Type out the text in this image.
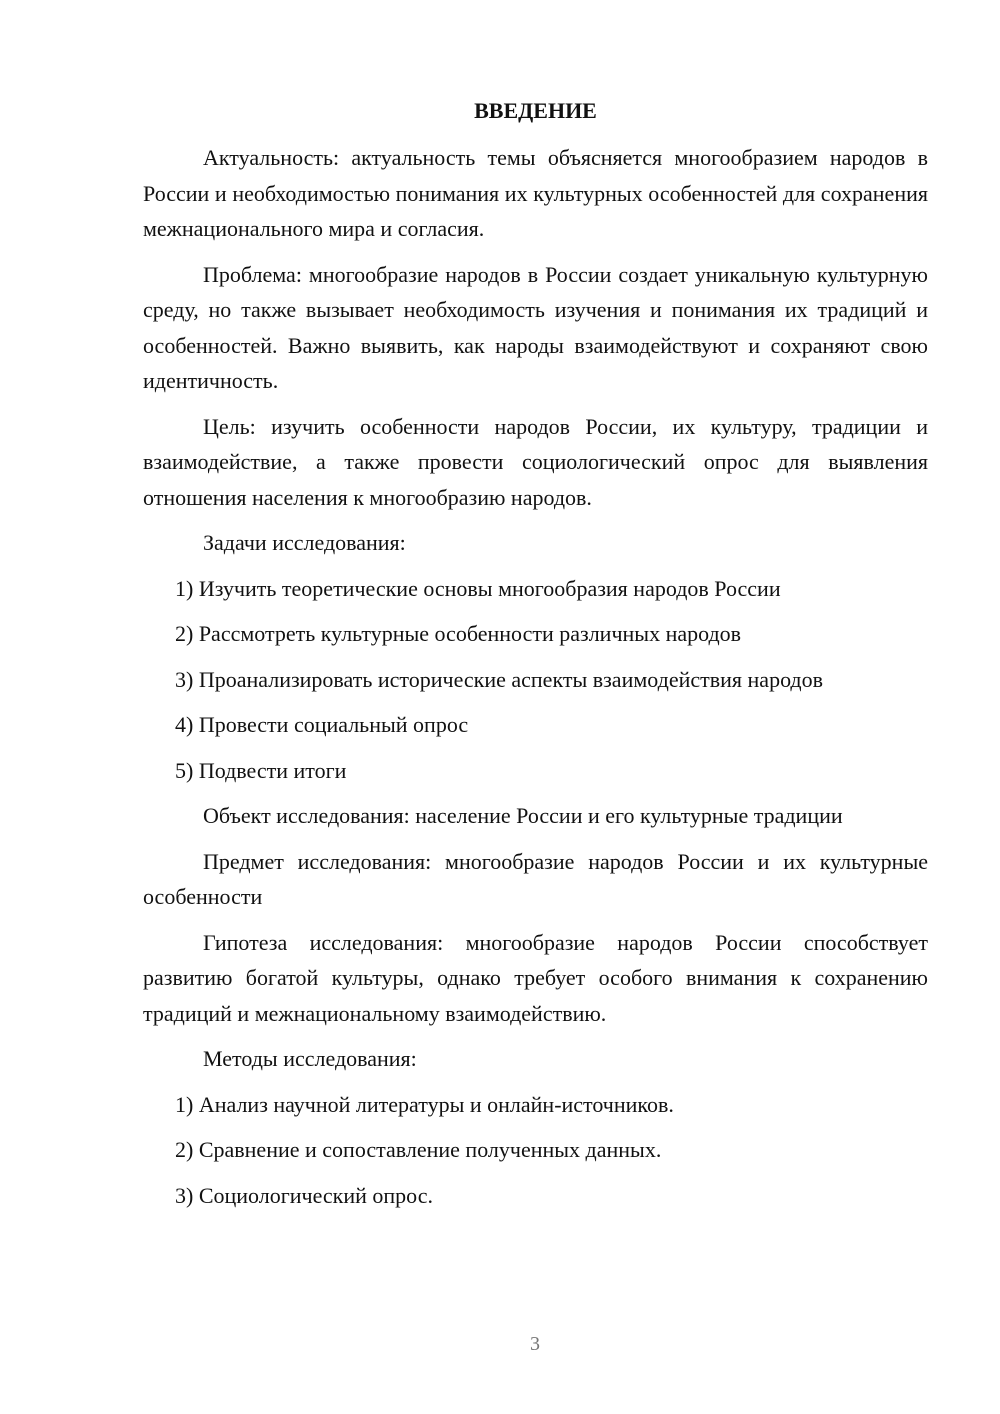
ВВЕДЕНИЕ

Актуальность: актуальность темы объясняется многообразием народов в России и необходимостью понимания их культурных особенностей для сохранения межнационального мира и согласия.

Проблема: многообразие народов в России создает уникальную культурную среду, но также вызывает необходимость изучения и понимания их традиций и особенностей. Важно выявить, как народы взаимодействуют и сохраняют свою идентичность.

Цель: изучить особенности народов России, их культуру, традиции и взаимодействие, а также провести социологический опрос для выявления отношения населения к многообразию народов.

Задачи исследования:

1) Изучить теоретические основы многообразия народов России

2) Рассмотреть культурные особенности различных народов

3) Проанализировать исторические аспекты взаимодействия народов

4) Провести социальный опрос

5) Подвести итоги

Объект исследования: население России и его культурные традиции

Предмет исследования: многообразие народов России и их культурные особенности

Гипотеза исследования: многообразие народов России способствует развитию богатой культуры, однако требует особого внимания к сохранению традиций и межнациональному взаимодействию.

Методы исследования:

1) Анализ научной литературы и онлайн-источников.

2) Сравнение и сопоставление полученных данных.

3) Социологический опрос.

3
